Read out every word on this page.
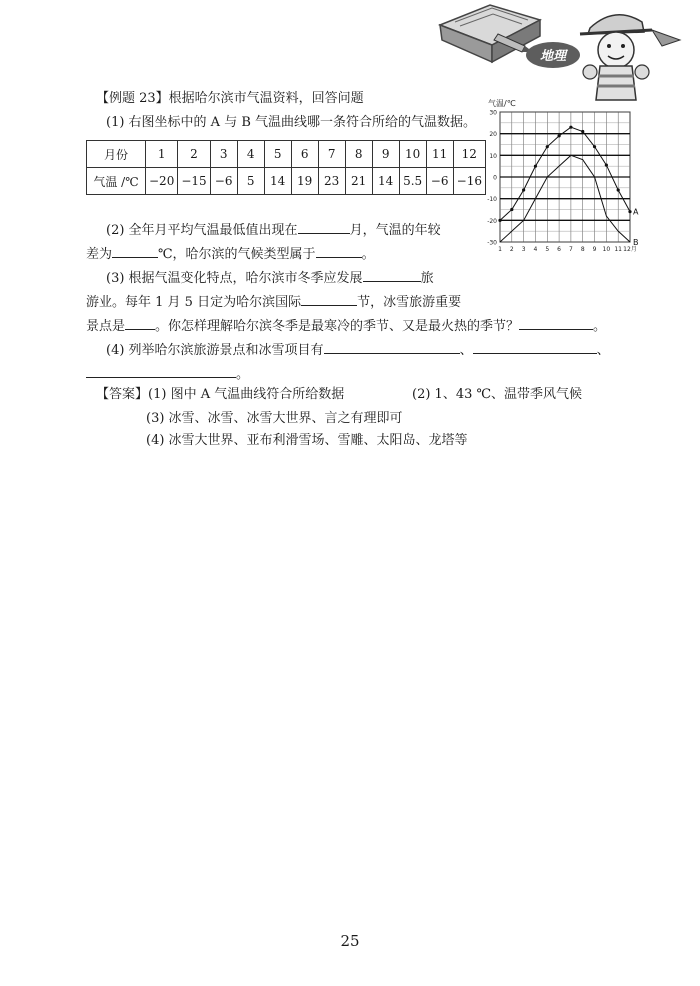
地理
【例题 23】根据哈尔滨市气温资料，回答问题
(1) 右图坐标中的 A 与 B 气温曲线哪一条符合所给的气温数据。
月份	1	2	3	4	5	6	7	8	9	10	11	12
气温 /℃	−20	−15	−6	5	14	19	23	21	14	5.5	−6	−16
气温/℃
30
20
10
0
-10
-20
-30
1 2 3 4 5 6 7 8 9 10 11 12月
A
B
(2) 全年月平均气温最低值出现在	月，气温的年较
差为	℃，哈尔滨的气候类型属于	。
(3) 根据气温变化特点，哈尔滨市冬季应发展	旅
游业。每年 1 月 5 日定为哈尔滨国际	节，冰雪旅游重要
景点是 。你怎样理解哈尔滨冬季是最寒冷的季节、又是最火热的季节？	。
(4) 列举哈尔滨旅游景点和冰雪项目有	、	、
。
【答案】(1) 图中 A 气温曲线符合所给数据	(2) 1、43 ℃、温带季风气候
(3) 冰雪、冰雪、冰雪大世界、言之有理即可
(4) 冰雪大世界、亚布利滑雪场、雪雕、太阳岛、龙塔等
25
